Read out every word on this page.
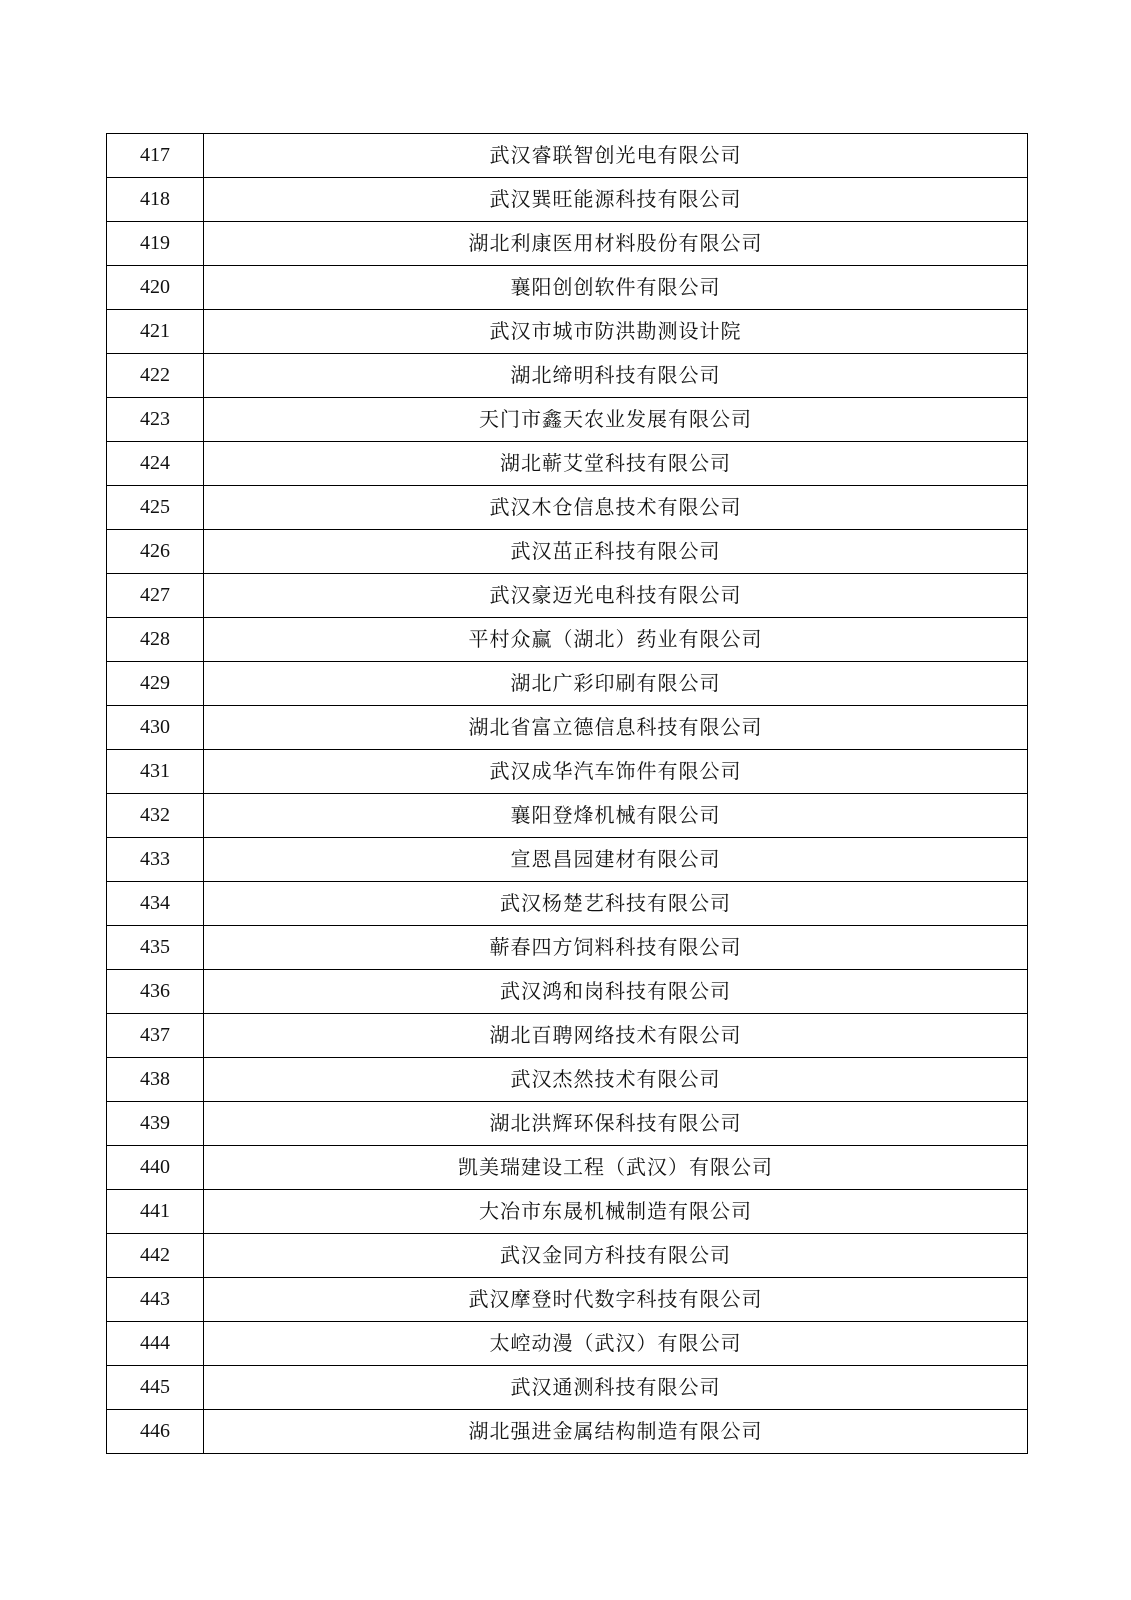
417	武汉睿联智创光电有限公司
418	武汉巽旺能源科技有限公司
419	湖北利康医用材料股份有限公司
420	襄阳创创软件有限公司
421	武汉市城市防洪勘测设计院
422	湖北缔明科技有限公司
423	天门市鑫天农业发展有限公司
424	湖北蕲艾堂科技有限公司
425	武汉木仓信息技术有限公司
426	武汉茁正科技有限公司
427	武汉豪迈光电科技有限公司
428	平村众赢（湖北）药业有限公司
429	湖北广彩印刷有限公司
430	湖北省富立德信息科技有限公司
431	武汉成华汽车饰件有限公司
432	襄阳登烽机械有限公司
433	宣恩昌园建材有限公司
434	武汉杨楚艺科技有限公司
435	蕲春四方饲料科技有限公司
436	武汉鸿和岗科技有限公司
437	湖北百聘网络技术有限公司
438	武汉杰然技术有限公司
439	湖北洪辉环保科技有限公司
440	凯美瑞建设工程（武汉）有限公司
441	大冶市东晟机械制造有限公司
442	武汉金同方科技有限公司
443	武汉摩登时代数字科技有限公司
444	太崆动漫（武汉）有限公司
445	武汉通测科技有限公司
446	湖北强进金属结构制造有限公司
